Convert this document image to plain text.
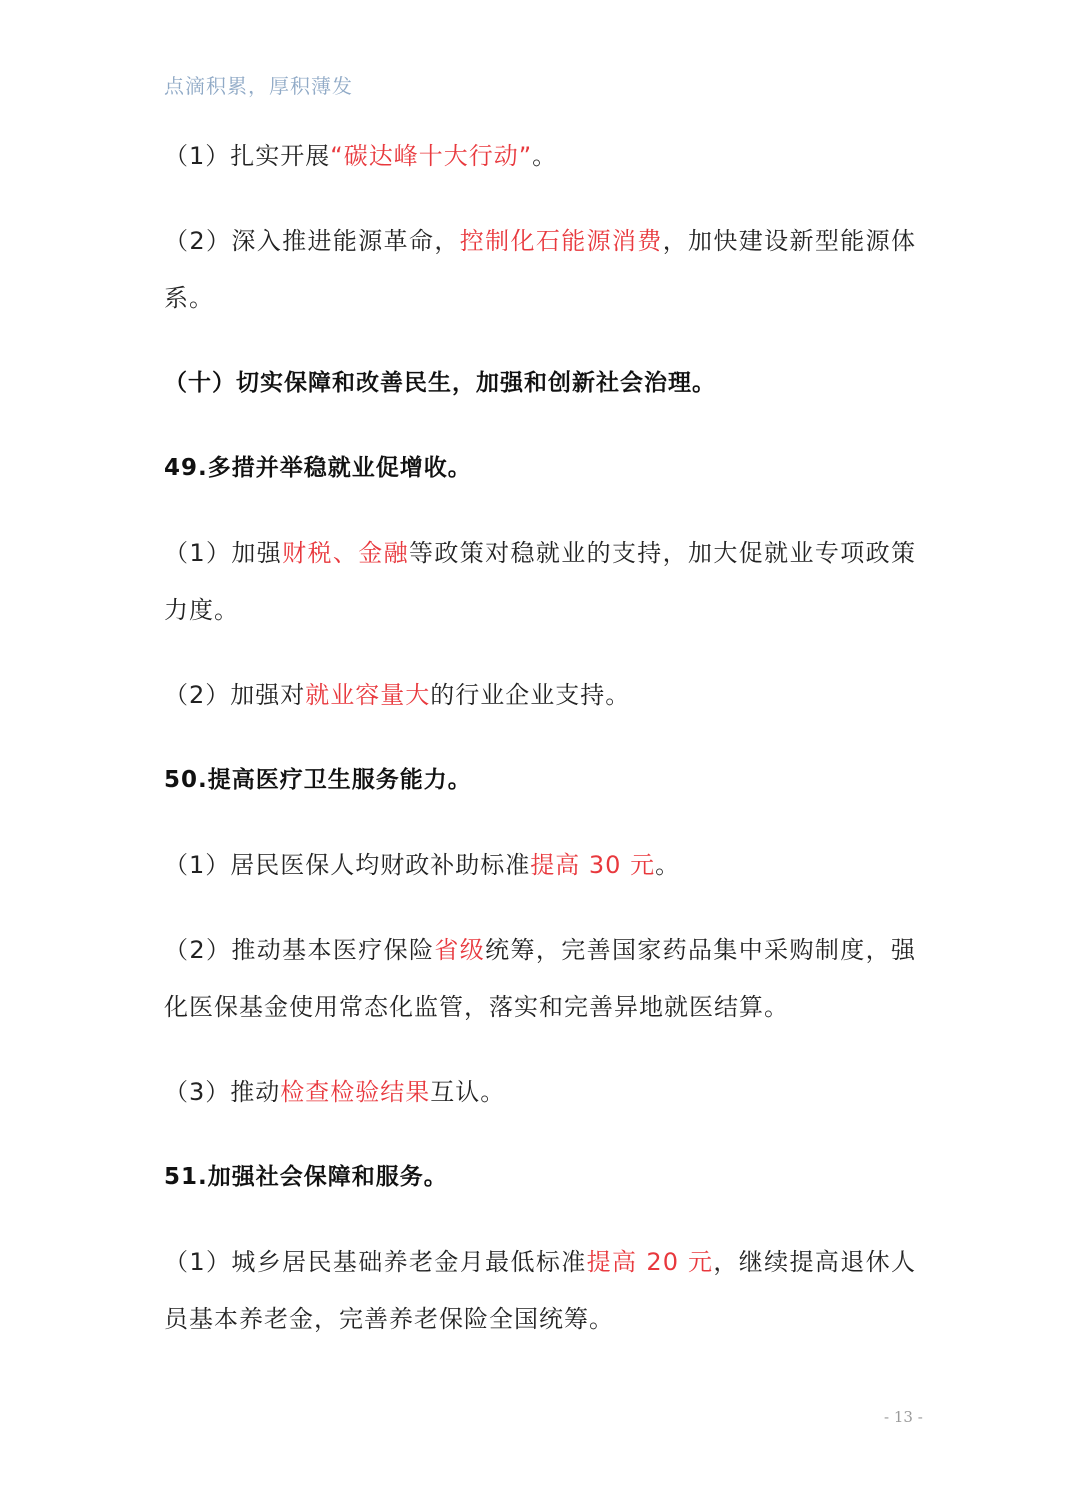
点滴积累，厚积薄发

（1）扎实开展“碳达峰十大行动”。

（2）深入推进能源革命，控制化石能源消费，加快建设新型能源体系。

（十）切实保障和改善民生，加强和创新社会治理。

49.多措并举稳就业促增收。

（1）加强财税、金融等政策对稳就业的支持，加大促就业专项政策力度。

（2）加强对就业容量大的行业企业支持。

50.提高医疗卫生服务能力。

（1）居民医保人均财政补助标准提高 30 元。

（2）推动基本医疗保险省级统筹，完善国家药品集中采购制度，强化医保基金使用常态化监管，落实和完善异地就医结算。

（3）推动检查检验结果互认。

51.加强社会保障和服务。

（1）城乡居民基础养老金月最低标准提高 20 元，继续提高退休人员基本养老金，完善养老保险全国统筹。

- 13 -
